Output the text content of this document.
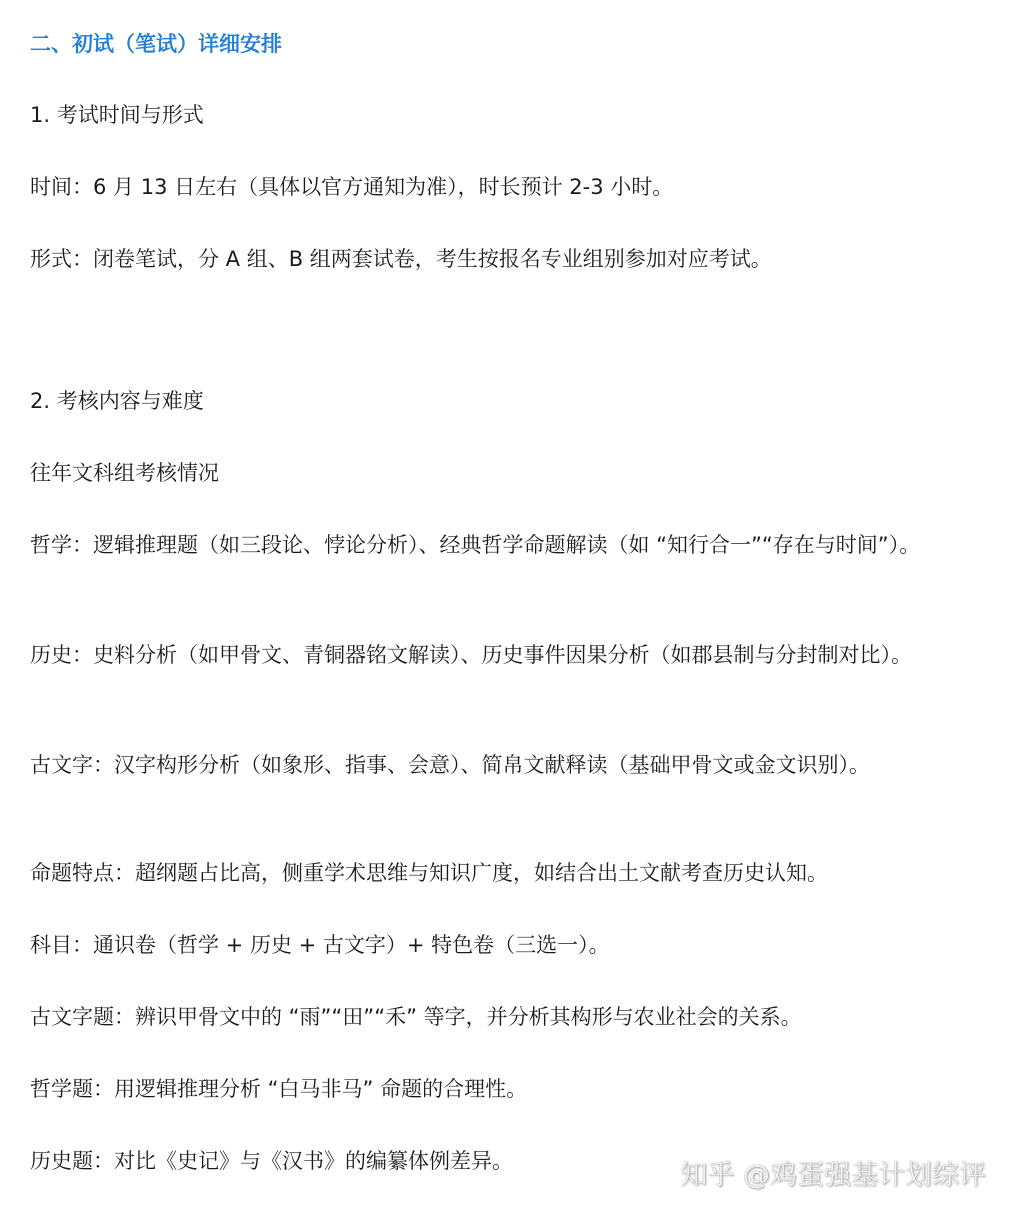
二、初试（笔试）详细安排

1. 考试时间与形式

时间：6 月 13 日左右（具体以官方通知为准），时长预计 2-3 小时。

形式：闭卷笔试，分 A 组、B 组两套试卷，考生按报名专业组别参加对应考试。

2. 考核内容与难度

往年文科组考核情况

哲学：逻辑推理题（如三段论、悖论分析）、经典哲学命题解读（如 “知行合一”“存在与时间”）。

历史：史料分析（如甲骨文、青铜器铭文解读）、历史事件因果分析（如郡县制与分封制对比）。

古文字：汉字构形分析（如象形、指事、会意）、简帛文献释读（基础甲骨文或金文识别）。

命题特点：超纲题占比高，侧重学术思维与知识广度，如结合出土文献考查历史认知。

科目：通识卷（哲学 + 历史 + 古文字）+ 特色卷（三选一）。

古文字题：辨识甲骨文中的 “雨”“田”“禾” 等字，并分析其构形与农业社会的关系。

哲学题：用逻辑推理分析 “白马非马” 命题的合理性。

历史题：对比《史记》与《汉书》的编纂体例差异。	知乎 @鸡蛋强基计划综评
